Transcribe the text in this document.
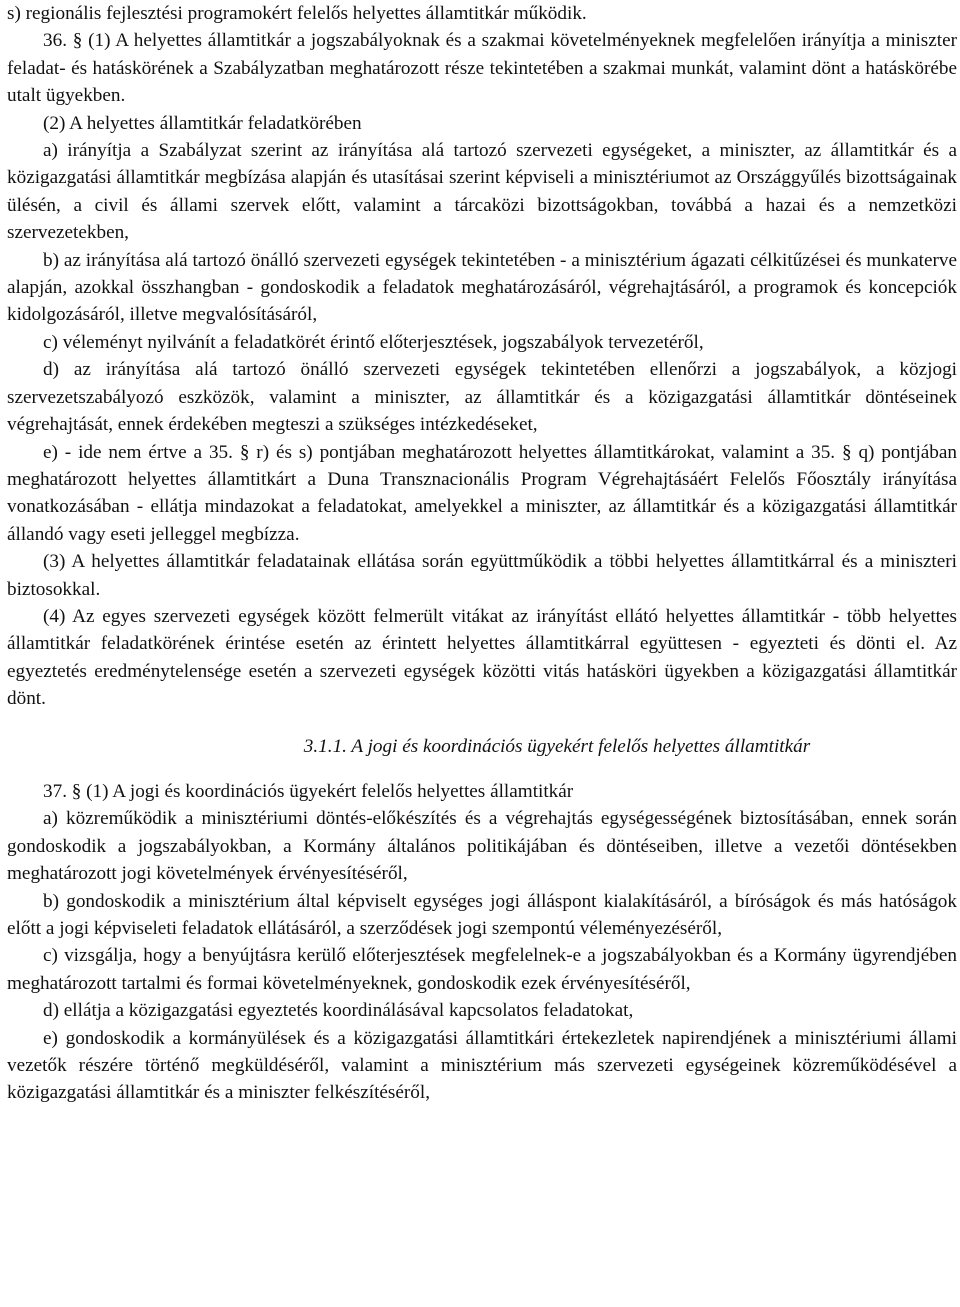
s) regionális fejlesztési programokért felelős helyettes államtitkár működik.

36. § (1) A helyettes államtitkár a jogszabályoknak és a szakmai követelményeknek megfelelően irányítja a miniszter feladat- és hatáskörének a Szabályzatban meghatározott része tekintetében a szakmai munkát, valamint dönt a hatáskörébe utalt ügyekben.

(2) A helyettes államtitkár feladatkörében

a) irányítja a Szabályzat szerint az irányítása alá tartozó szervezeti egységeket, a miniszter, az államtitkár és a közigazgatási államtitkár megbízása alapján és utasításai szerint képviseli a minisztériumot az Országgyűlés bizottságainak ülésén, a civil és állami szervek előtt, valamint a tárcaközi bizottságokban, továbbá a hazai és a nemzetközi szervezetekben,

b) az irányítása alá tartozó önálló szervezeti egységek tekintetében - a minisztérium ágazati célkitűzései és munkaterve alapján, azokkal összhangban - gondoskodik a feladatok meghatározásáról, végrehajtásáról, a programok és koncepciók kidolgozásáról, illetve megvalósításáról,

c) véleményt nyilvánít a feladatkörét érintő előterjesztések, jogszabályok tervezetéről,

d) az irányítása alá tartozó önálló szervezeti egységek tekintetében ellenőrzi a jogszabályok, a közjogi szervezetszabályozó eszközök, valamint a miniszter, az államtitkár és a közigazgatási államtitkár döntéseinek végrehajtását, ennek érdekében megteszi a szükséges intézkedéseket,

e) - ide nem értve a 35. § r) és s) pontjában meghatározott helyettes államtitkárokat, valamint a 35. § q) pontjában meghatározott helyettes államtitkárt a Duna Transznacionális Program Végrehajtásáért Felelős Főosztály irányítása vonatkozásában - ellátja mindazokat a feladatokat, amelyekkel a miniszter, az államtitkár és a közigazgatási államtitkár állandó vagy eseti jelleggel megbízza.

(3) A helyettes államtitkár feladatainak ellátása során együttműködik a többi helyettes államtitkárral és a miniszteri biztosokkal.

(4) Az egyes szervezeti egységek között felmerült vitákat az irányítást ellátó helyettes államtitkár - több helyettes államtitkár feladatkörének érintése esetén az érintett helyettes államtitkárral együttesen - egyezteti és dönti el. Az egyeztetés eredménytelensége esetén a szervezeti egységek közötti vitás hatásköri ügyekben a közigazgatási államtitkár dönt.

3.1.1. A jogi és koordinációs ügyekért felelős helyettes államtitkár

37. § (1) A jogi és koordinációs ügyekért felelős helyettes államtitkár

a) közreműködik a minisztériumi döntés-előkészítés és a végrehajtás egységességének biztosításában, ennek során gondoskodik a jogszabályokban, a Kormány általános politikájában és döntéseiben, illetve a vezetői döntésekben meghatározott jogi követelmények érvényesítéséről,

b) gondoskodik a minisztérium által képviselt egységes jogi álláspont kialakításáról, a bíróságok és más hatóságok előtt a jogi képviseleti feladatok ellátásáról, a szerződések jogi szempontú véleményezéséről,

c) vizsgálja, hogy a benyújtásra kerülő előterjesztések megfelelnek-e a jogszabályokban és a Kormány ügyrendjében meghatározott tartalmi és formai követelményeknek, gondoskodik ezek érvényesítéséről,

d) ellátja a közigazgatási egyeztetés koordinálásával kapcsolatos feladatokat,

e) gondoskodik a kormányülések és a közigazgatási államtitkári értekezletek napirendjének a minisztériumi állami vezetők részére történő megküldéséről, valamint a minisztérium más szervezeti egységeinek közreműködésével a közigazgatási államtitkár és a miniszter felkészítéséről,
